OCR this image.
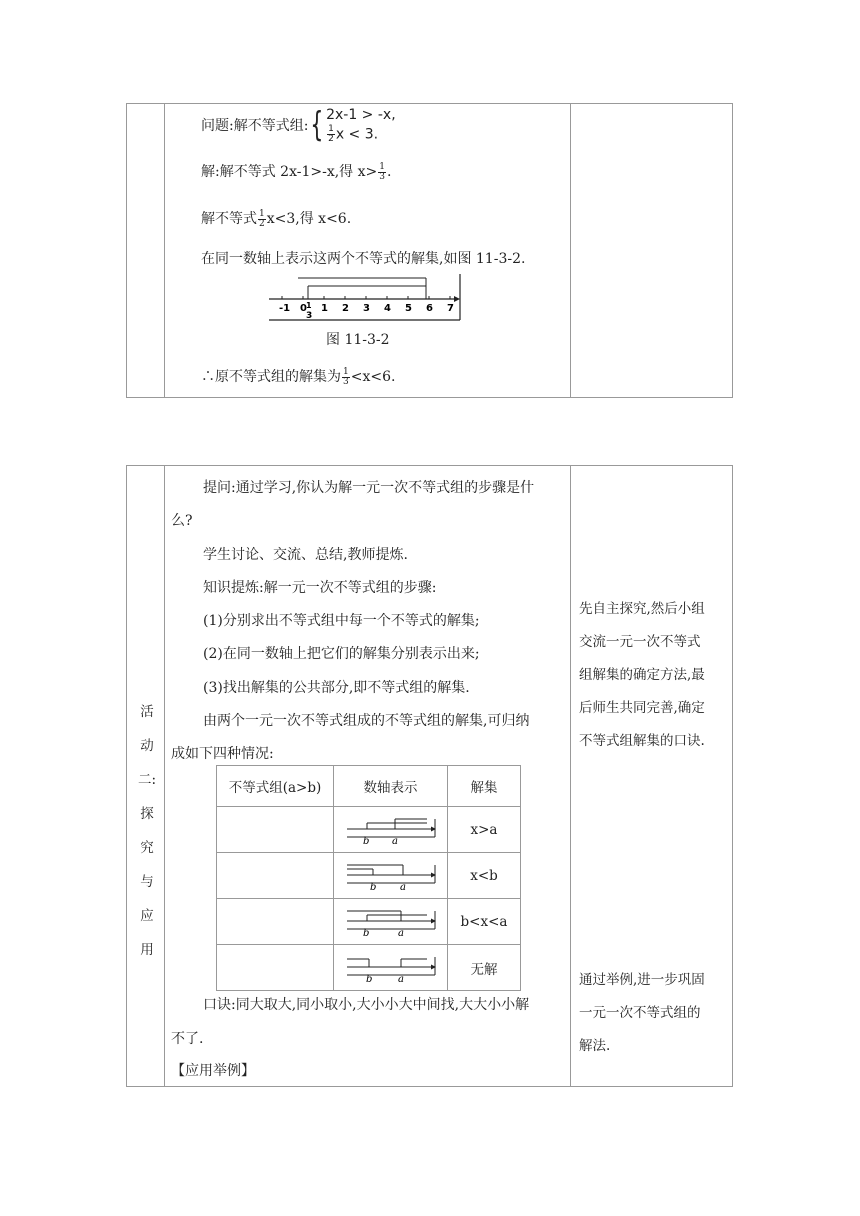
问题:解不等式组: { 2x-1 > -x,
$\frac{1}{2}$ x < 3.
解:解不等式 2x-1>-x,得 $x> \frac{1}{3}$ .
解不等式 $\frac{1}{2} x<3$,得 x<6.
在同一数轴上表示这两个不等式的解集,如图 11-3-2.
-1 0 1 2 3 4 5 6 7
1
3
图 11-3-2
∴原不等式组的解集为 $\frac{1}{3} <x<6$.
活动
二:
探究
与
应用
提问:通过学习,你认为解一元一次不等式组的步骤是什
么?
学生讨论、交流、总结,教师提炼.
知识提炼:解一元一次不等式组的步骤:
(1)分别求出不等式组中每一个不等式的解集;
(2)在同一数轴上把它们的解集分别表示出来;
(3)找出解集的公共部分,即不等式组的解集.
由两个一元一次不等式组成的不等式组的解集,可归纳
成如下四种情况:
不等式组(a>b)	数轴表示	解集

b a	x>a

b a	x<b

b a	b<x<a

b a	无解
口诀:同大取大,同小取小,大小小大中间找,大大小小解
不了.
【应用举例】
先自主探究,然后小组
交流一元一次不等式
组解集的确定方法,最
后师生共同完善,确定
不等式组解集的口诀.
通过举例,进一步巩固
一元一次不等式组的
解法.
